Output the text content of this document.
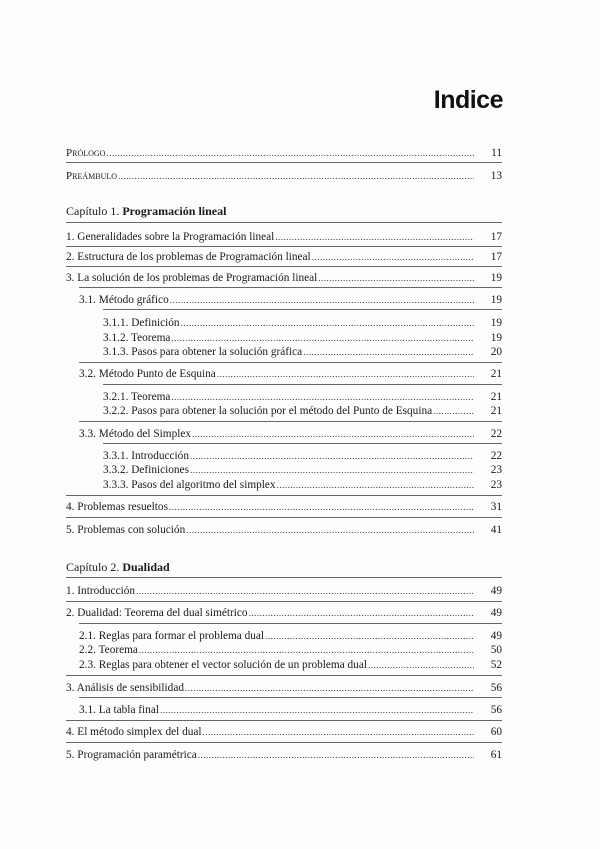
Indice
Prólogo .....	11
Preámbulo .....	13
Capítulo 1. Programación lineal
1. Generalidades sobre la Programación lineal .....	17
2. Estructura de los problemas de Programación lineal .....	17
3. La solución de los problemas de Programación lineal .....	19
3.1. Método gráfico .....	19
3.1.1. Definición .....	19
3.1.2. Teorema .....	19
3.1.3. Pasos para obtener la solución gráfica .....	20
3.2. Método Punto de Esquina .....	21
3.2.1. Teorema .....	21
3.2.2. Pasos para obtener la solución por el método del Punto de Esquina .....	21
3.3. Método del Simplex .....	22
3.3.1. Introducción .....	22
3.3.2. Definiciones .....	23
3.3.3. Pasos del algoritmo del simplex .....	23
4. Problemas resueltos .....	31
5. Problemas con solución .....	41
Capítulo 2. Dualidad
1. Introducción .....	49
2. Dualidad: Teorema del dual simétrico .....	49
2.1. Reglas para formar el problema dual .....	49
2.2. Teorema .....	50
2.3. Reglas para obtener el vector solución de un problema dual .....	52
3. Análisis de sensibilidad .....	56
3.1. La tabla final .....	56
4. El método simplex del dual .....	60
5. Programación paramétrica .....	61
